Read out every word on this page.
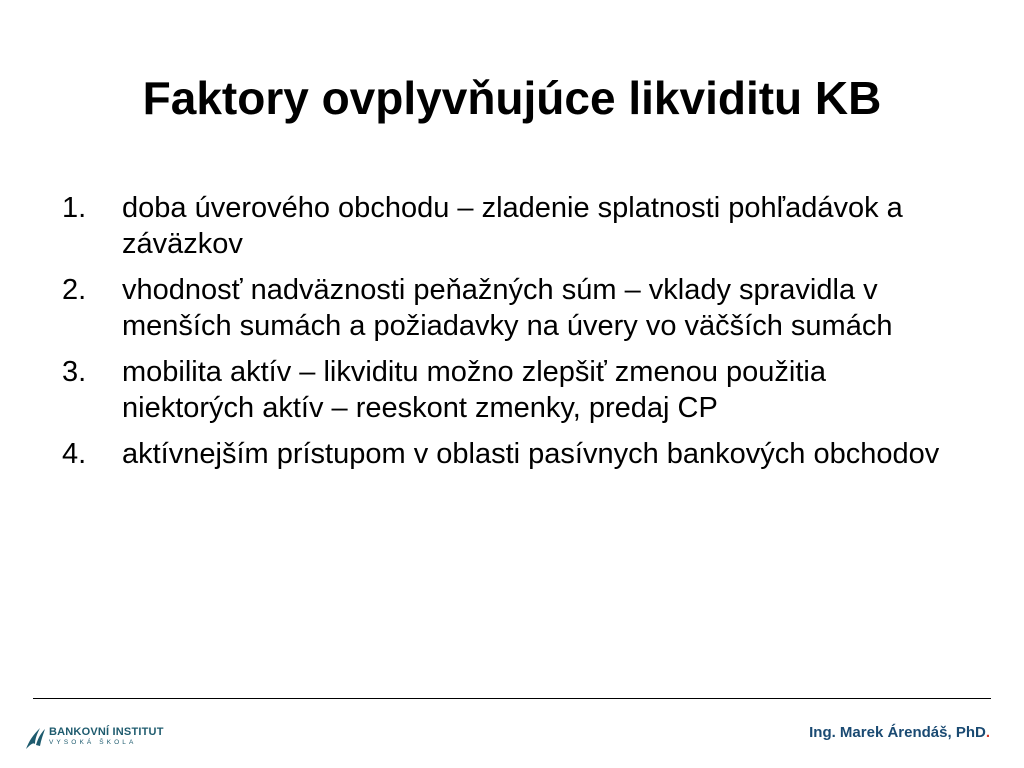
Faktory ovplyvňujúce likviditu KB
1. doba úverového obchodu – zladenie splatnosti pohľadávok a záväzkov
2. vhodnosť nadväznosti peňažných súm – vklady spravidla v menších sumách a požiadavky na úvery vo väčších sumách
3. mobilita aktív – likviditu možno zlepšiť zmenou použitia niektorých aktív – reeskont zmenky, predaj CP
4. aktívnejším prístupom v oblasti pasívnych bankových obchodov
BANKOVNÍ INSTITUT
VYSOKÁ ŠKOLA
Ing. Marek Árendáš, PhD.
